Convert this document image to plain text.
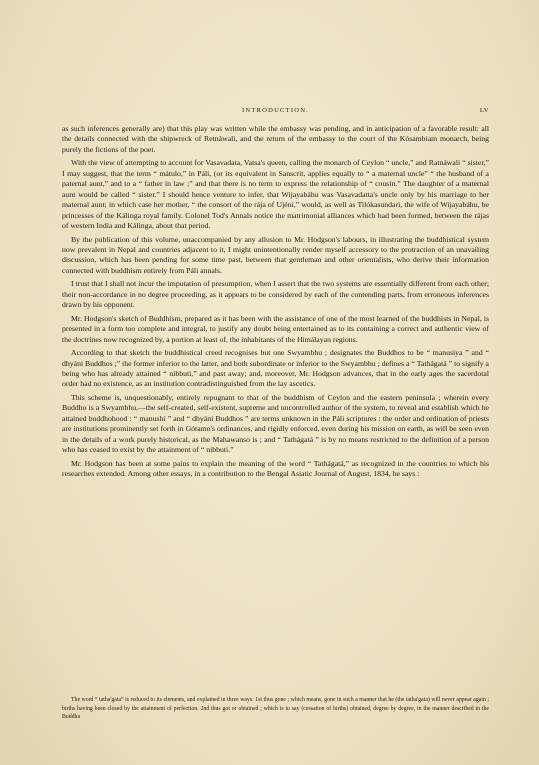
INTRODUCTION.	LV

as such inferences generally are) that this play was written while the embassy was pending, and in anticipation of a favorable result: all the details connected with the shipwreck of Retnáwali, and the return of the embassy to the court of the Kósambiam monarch, being purely the fictions of the poet.

With the view of attempting to account for Vasavadata, Vatsa's queen, calling the monarch of Ceylon “ uncle,” and Ratnáwali “ sister,” I may suggest, that the term “ mátulo,” in Páli, (or its equivalent in Sanscrit, applies equally to “ a maternal uncle” “ the husband of a paternal aunt,” and to a “ father in law ;” and that there is no term to express the relationship of “ cousin.” The daughter of a maternal aunt would be called “ sister.” I should hence venture to infer, that Wijayabáhu was Vasavadatta's uncle only by his marriage to her maternal aunt; in which case her mother, “ the consort of the rája of Ujéni,” would, as well as Tilókasundari, the wife of Wijayabáhu, be princesses of the Kálinga royal family. Colonel Tod's Annals notice the matrimonial alliances which had been formed, between the rájas of western India and Kálinga, about that period.

By the publication of this volume, unaccompanied by any allusion to Mr. Hodgson's labours, in illustrating the buddhistical system now prevalent in Nepal and countries adjacent to it, I might unintentionally render myself accessory to the protraction of an unavailing discussion, which has been pending for some time past, between that gentleman and other orientalists, who derive their information connected with buddhism entirely from Páli annals.

I trust that I shall not incur the imputation of presumption, when I assert that the two systems are essentially different from each other; their non-accordance in no degree proceeding, as it appears to be considered by each of the contending parts, from erroneous inferences drawn by his opponent.

Mr. Hodgson's sketch of Buddhism, prepared as it has been with the assistance of one of the most learned of the buddhists in Nepal, is presented in a form too complete and integral, to justify any doubt being entertained as to its containing a correct and authentic view of the doctrines now recognized by, a portion at least of, the inhabitants of the Himálayan regions.

According to that sketch the buddhistical creed recognises but one Swyambhu ; designates the Buddhos to be “ manusiya ” and “ dhyáni Buddhos ;” the former inferior to the latter, and both subordinate or inferior to the Swyambhu ; defines a “ Tathágatá ” to signify a being who has already attained “ nibbuti,” and past away; and, moreover, Mr. Hodgson advances, that in the early ages the sacerdotal order had no existence, as an institution contradistinguished from the lay ascetics.

This scheme is, unquestionably, entirely repugnant to that of the buddhism of Ceylon and the eastern peninsula ; wherein every Buddho is a Swyambhu,—the self-created, self-existent, supreme and uncontrolled author of the system, to reveal and establish which he attained buddhohood : “ manushi ” and “ dhyáni Buddhos ” are terms unknown in the Páli scriptures : the order and ordination of priests are institutions prominently set forth in Gótamo's ordinances, and rigidly enforced, even during his mission on earth, as will be seen even in the details of a work purely historical, as the Mahawanso is ; and “ Tathágatá ” is by no means restricted to the definition of a person who has ceased to exist by the attainment of “ nibbuti.”

Mr. Hodgson has been at some pains to explain the meaning of the word “ Tathágatá,” as recognized in the countries to which his researches extended. Among other essays, in a contribution to the Bengal Asiatic Journal of August, 1834, he says :

The word “ tatha'gata” is reduced to its elements, and explained in three ways: 1st thus gone ; which means, gone in such a manner that he (the tatha'gata) will never appear again ; births having been closed by the attainment of perfection. 2nd thus got or obtained ; which is to say (cessation of births) obtained, degree by degree, in the manner described in the Buddha
